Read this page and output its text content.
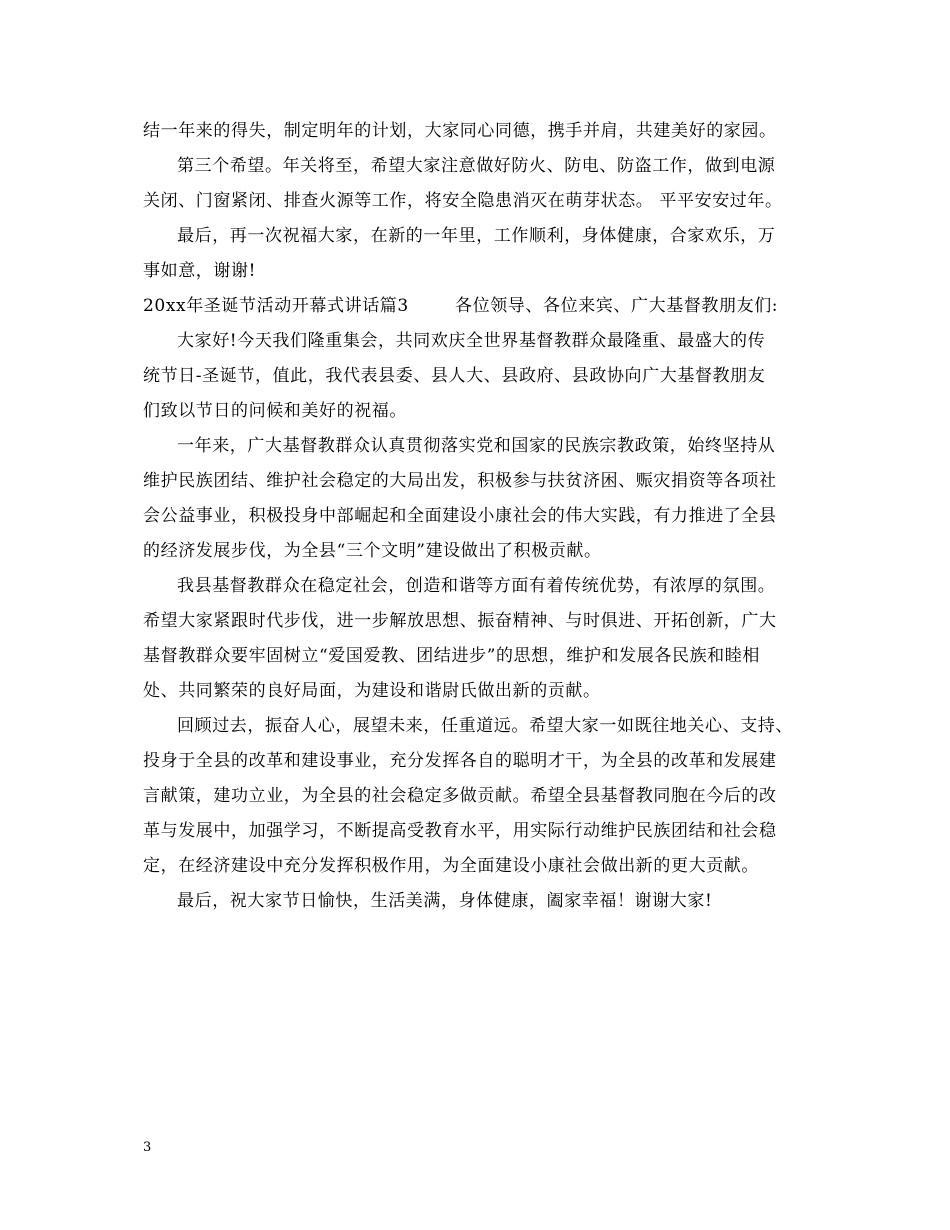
结一年来的得失，制定明年的计划，大家同心同德，携手并肩，共建美好的家园。
第三个希望。年关将至，希望大家注意做好防火、防电、防盗工作，做到电源
关闭、门窗紧闭、排查火源等工作，将安全隐患消灭在萌芽状态。 平平安安过年。
最后，再一次祝福大家，在新的一年里，工作顺利，身体健康，合家欢乐，万
事如意，谢谢!
20xx年圣诞节活动开幕式讲话篇3	各位领导、各位来宾、广大基督教朋友们:
大家好!今天我们隆重集会，共同欢庆全世界基督教群众最隆重、最盛大的传
统节日-圣诞节，值此，我代表县委、县人大、县政府、县政协向广大基督教朋友
们致以节日的问候和美好的祝福。
一年来，广大基督教群众认真贯彻落实党和国家的民族宗教政策，始终坚持从
维护民族团结、维护社会稳定的大局出发，积极参与扶贫济困、赈灾捐资等各项社
会公益事业，积极投身中部崛起和全面建设小康社会的伟大实践，有力推进了全县
的经济发展步伐，为全县“三个文明”建设做出了积极贡献。
我县基督教群众在稳定社会，创造和谐等方面有着传统优势，有浓厚的氛围。
希望大家紧跟时代步伐，进一步解放思想、振奋精神、与时俱进、开拓创新，广大
基督教群众要牢固树立“爱国爱教、团结进步”的思想，维护和发展各民族和睦相
处、共同繁荣的良好局面，为建设和谐尉氏做出新的贡献。
回顾过去，振奋人心，展望未来，任重道远。希望大家一如既往地关心、支持、
投身于全县的改革和建设事业，充分发挥各自的聪明才干，为全县的改革和发展建
言献策，建功立业，为全县的社会稳定多做贡献。希望全县基督教同胞在今后的改
革与发展中，加强学习，不断提高受教育水平，用实际行动维护民族团结和社会稳
定，在经济建设中充分发挥积极作用，为全面建设小康社会做出新的更大贡献。
最后，祝大家节日愉快，生活美满，身体健康，阖家幸福！谢谢大家!
3
